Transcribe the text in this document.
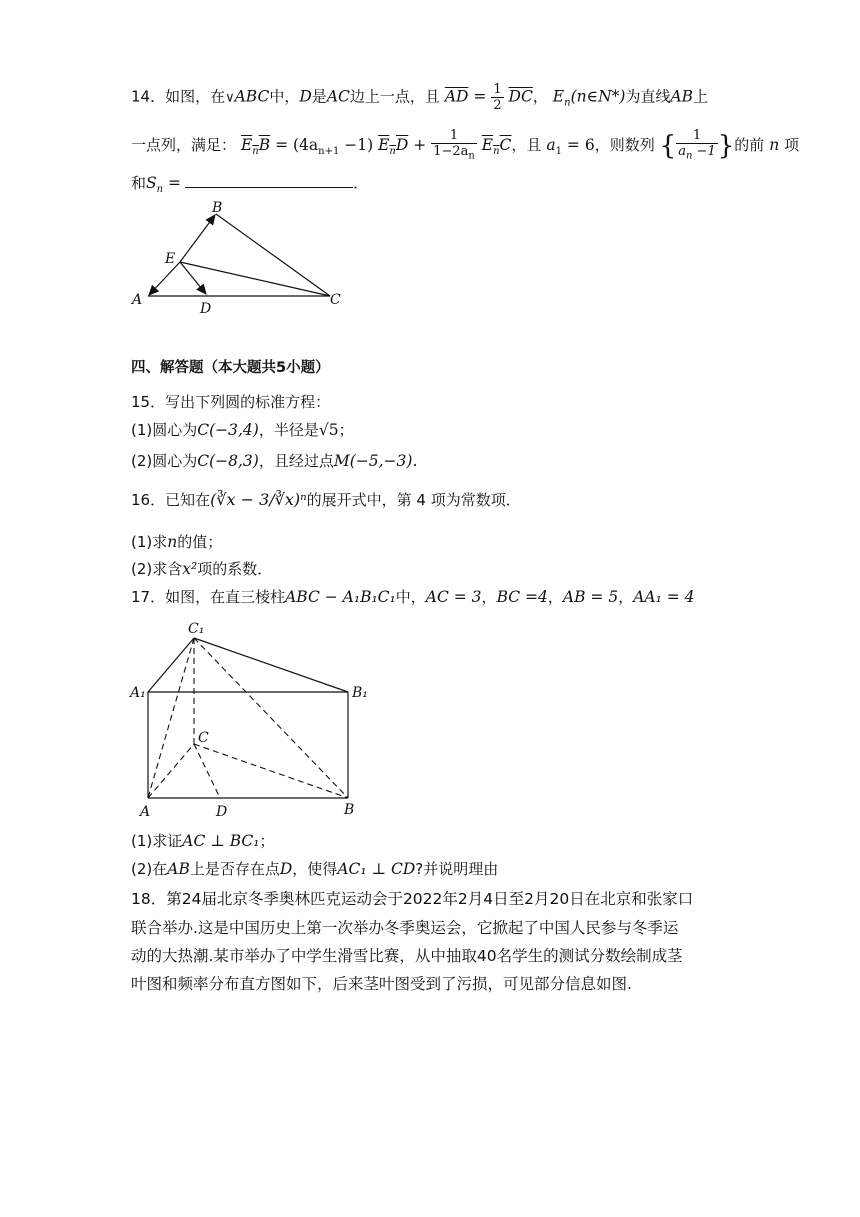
14．如图，在∨ABC中，D是AC边上一点，且 $\overline{AD} = \frac{1}{2} \overline{DC}$， $E_n(n\in N*)$为直线AB上
一点列，满足： $E_nB = (4a_{n+1} -1) E_nD + \frac{1}{1-2a_n} E_nC$，且 $a_1 = 6$，则数列 { $\frac{1}{a_n -1}$ }的前 n 项
和$S_n$ =	．
B
E
A
D
C
四、解答题（本大题共5小题）
15．写出下列圆的标准方程：
(1)圆心为C(−3,4)，半径是√5；
(2)圆心为C(−8,3)，且经过点M(−5,−3).
16．已知在(∛x − 3/∛x)ⁿ的展开式中，第 4 项为常数项．
(1)求n的值；
(2)求含x²项的系数．
17．如图，在直三棱柱ABC − A₁B₁C₁中，AC = 3，BC =4，AB = 5，AA₁ = 4
C₁
A₁	B₁
C
A	D	B
(1)求证AC ⊥ BC₁；
(2)在AB上是否存在点D，使得AC₁ ⊥ CD?并说明理由
18．第24届北京冬季奥林匹克运动会于2022年2月4日至2月20日在北京和张家口
联合举办.这是中国历史上第一次举办冬季奥运会，它掀起了中国人民参与冬季运
动的大热潮.某市举办了中学生滑雪比赛，从中抽取40名学生的测试分数绘制成茎
叶图和频率分布直方图如下，后来茎叶图受到了污损，可见部分信息如图.
